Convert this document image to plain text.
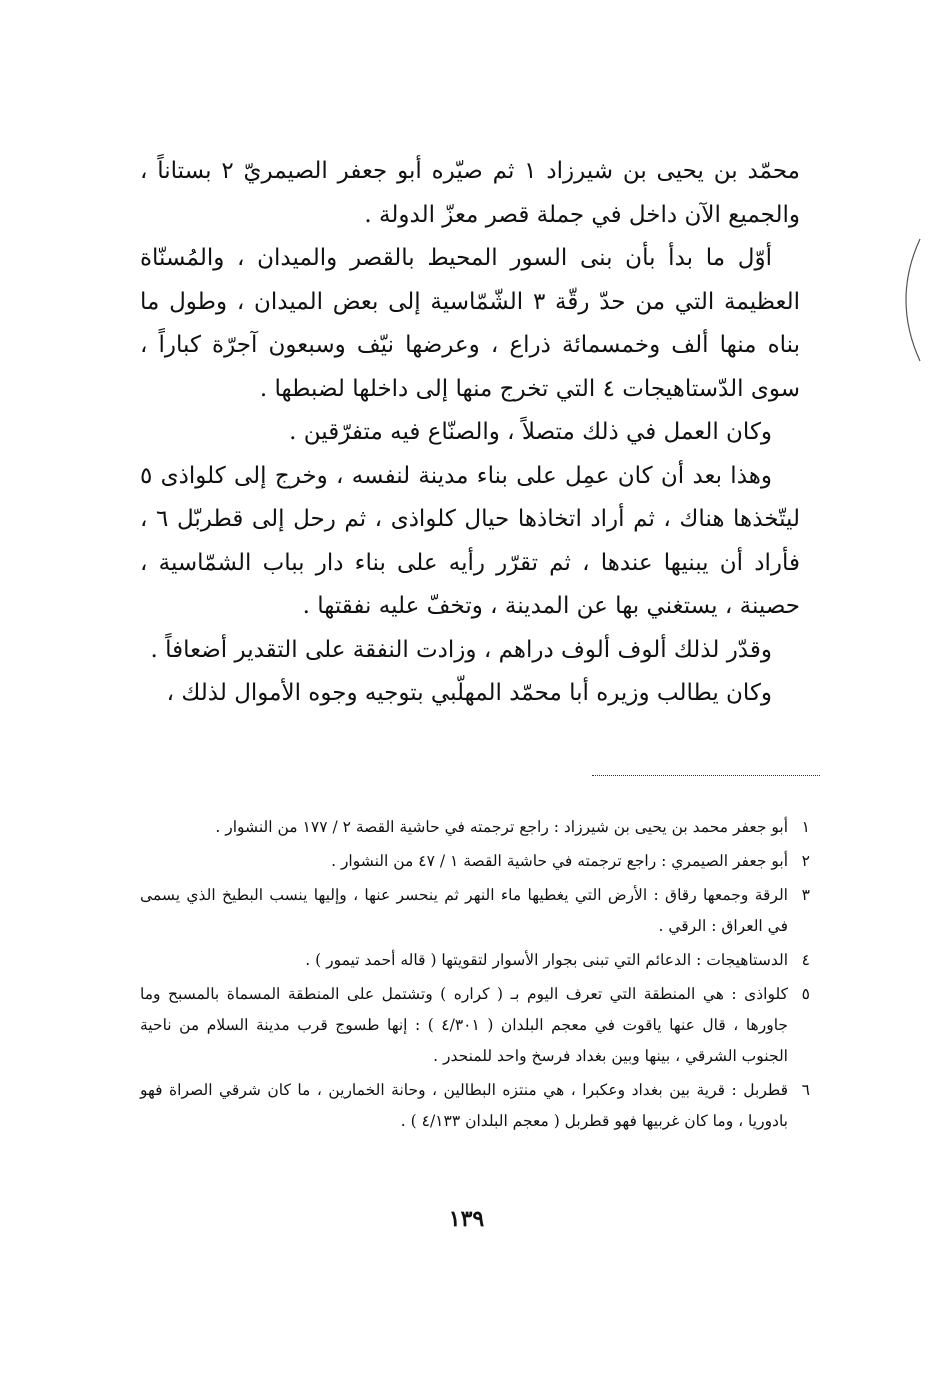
محمّد بن يحيى بن شيرزاد ١ ثم صيّره أبو جعفر الصيمريّ ٢ بستاناً ، والجميع الآن داخل في جملة قصر معزّ الدولة .

أوّل ما بدأ بأن بنى السور المحيط بالقصر والميدان ، والمُسنّاة العظيمة التي من حدّ رقّة ٣ الشّمّاسية إلى بعض الميدان ، وطول ما بناه منها ألف وخمسمائة ذراع ، وعرضها نيّف وسبعون آجرّة كباراً ، سوى الدّستاهيجات ٤ التي تخرج منها إلى داخلها لضبطها .

وكان العمل في ذلك متصلاً ، والصنّاع فيه متفرّقين .

وهذا بعد أن كان عمِل على بناء مدينة لنفسه ، وخرج إلى كلواذى ٥ ليتّخذها هناك ، ثم أراد اتخاذها حيال كلواذى ، ثم رحل إلى قطربّل ٦ ، فأراد أن يبنيها عندها ، ثم تقرّر رأيه على بناء دار بباب الشمّاسية ، حصينة ، يستغني بها عن المدينة ، وتخفّ عليه نفقتها .

وقدّر لذلك ألوف ألوف دراهم ، وزادت النفقة على التقدير أضعافاً .

وكان يطالب وزيره أبا محمّد المهلّبي بتوجيه وجوه الأموال لذلك ،

١
أبو جعفر محمد بن يحيى بن شيرزاد : راجع ترجمته في حاشية القصة ٢ / ١٧٧ من النشوار .
٢
أبو جعفر الصيمري : راجع ترجمته في حاشية القصة ١ / ٤٧ من النشوار .
٣
الرقة وجمعها رقاق : الأرض التي يغطيها ماء النهر ثم ينحسر عنها ، وإليها ينسب البطيخ الذي يسمى في العراق : الرقي .
٤
الدستاهيجات : الدعائم التي تبنى بجوار الأسوار لتقويتها ( قاله أحمد تيمور ) .
٥
كلواذى : هي المنطقة التي تعرف اليوم بـ ( كراره ) وتشتمل على المنطقة المسماة بالمسبح وما جاورها ، قال عنها ياقوت في معجم البلدان ( ٤/٣٠١ ) : إنها طسوج قرب مدينة السلام من ناحية الجنوب الشرقي ، بينها وبين بغداد فرسخ واحد للمنحدر .
٦
قطربل : قرية بين بغداد وعكبرا ، هي منتزه البطالين ، وحانة الخمارين ، ما كان شرقي الصراة فهو بادوريا ، وما كان غربيها فهو قطربل ( معجم البلدان ٤/١٣٣ ) .
١٣٩
